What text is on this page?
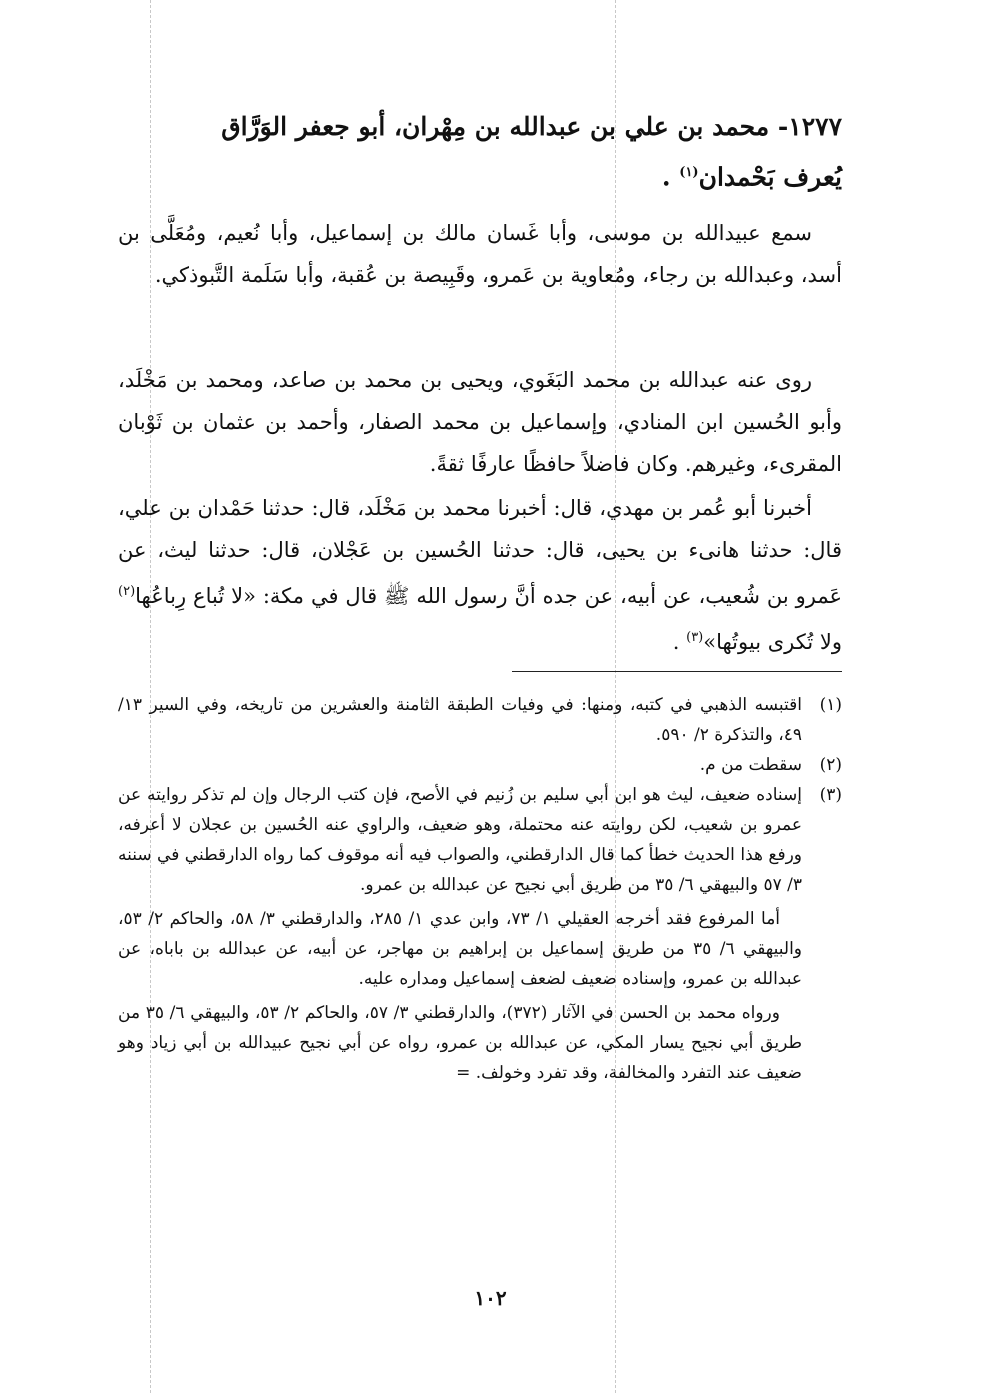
١٢٧٧- محمد بن علي بن عبدالله بن مِهْران، أبو جعفر الوَرَّاق
يُعرف بَحْمدان$^{(١)}$ .
سمع عبيدالله بن موسى، وأبا غَسان مالك بن إسماعيل، وأبا نُعيم، ومُعَلَّى بن أسد، وعبدالله بن رجاء، ومُعاوية بن عَمرو، وقَبِيصة بن عُقبة، وأبا سَلَمة التَّبوذكي.
روى عنه عبدالله بن محمد البَغَوي، ويحيى بن محمد بن صاعد، ومحمد بن مَخْلَد، وأبو الحُسين ابن المنادي، وإسماعيل بن محمد الصفار، وأحمد بن عثمان بن ثَوْبان المقرىء، وغيرهم. وكان فاضلاً حافظًا عارفًا ثقةً.
أخبرنا أبو عُمر بن مهدي، قال: أخبرنا محمد بن مَخْلَد، قال: حدثنا حَمْدان بن علي، قال: حدثنا هانىء بن يحيى، قال: حدثنا الحُسين بن عَجْلان، قال: حدثنا ليث، عن عَمرو بن شُعيب، عن أبيه، عن جده أنَّ رسول الله ﷺ قال في مكة: «لا تُباع رِباعُها$^{(٢)}$ ولا تُكرى بيوتُها»$^{(٣)}$ .
(١)
اقتبسه الذهبي في كتبه، ومنها: في وفيات الطبقة الثامنة والعشرين من تاريخه، وفي السير ١٣/ ٤٩، والتذكرة ٢/ ٥٩٠.
(٢)
سقطت من م.
(٣)
إسناده ضعيف، ليث هو ابن أبي سليم بن زُنيم في الأصح، فإن كتب الرجال وإن لم تذكر روايته عن عمرو بن شعيب، لكن روايته عنه محتملة، وهو ضعيف، والراوي عنه الحُسين بن عجلان لا أعرفه، ورفع هذا الحديث خطأ كما قال الدارقطني، والصواب فيه أنه موقوف كما رواه الدارقطني في سننه ٣/ ٥٧ والبيهقي ٦/ ٣٥ من طريق أبي نجيح عن عبدالله بن عمرو.

أما المرفوع فقد أخرجه العقيلي ١/ ٧٣، وابن عدي ١/ ٢٨٥، والدارقطني ٣/ ٥٨، والحاكم ٢/ ٥٣، والبيهقي ٦/ ٣٥ من طريق إسماعيل بن إبراهيم بن مهاجر، عن أبيه، عن عبدالله بن باباه، عن عبدالله بن عمرو، وإسناده ضعيف لضعف إسماعيل ومداره عليه.

ورواه محمد بن الحسن في الآثار (٣٧٢)، والدارقطني ٣/ ٥٧، والحاكم ٢/ ٥٣، والبيهقي ٦/ ٣٥ من طريق أبي نجيح يسار المكي، عن عبدالله بن عمرو، رواه عن أبي نجيح عبيدالله بن أبي زياد وهو ضعيف عند التفرد والمخالفة، وقد تفرد وخولف. =

١٠٢
